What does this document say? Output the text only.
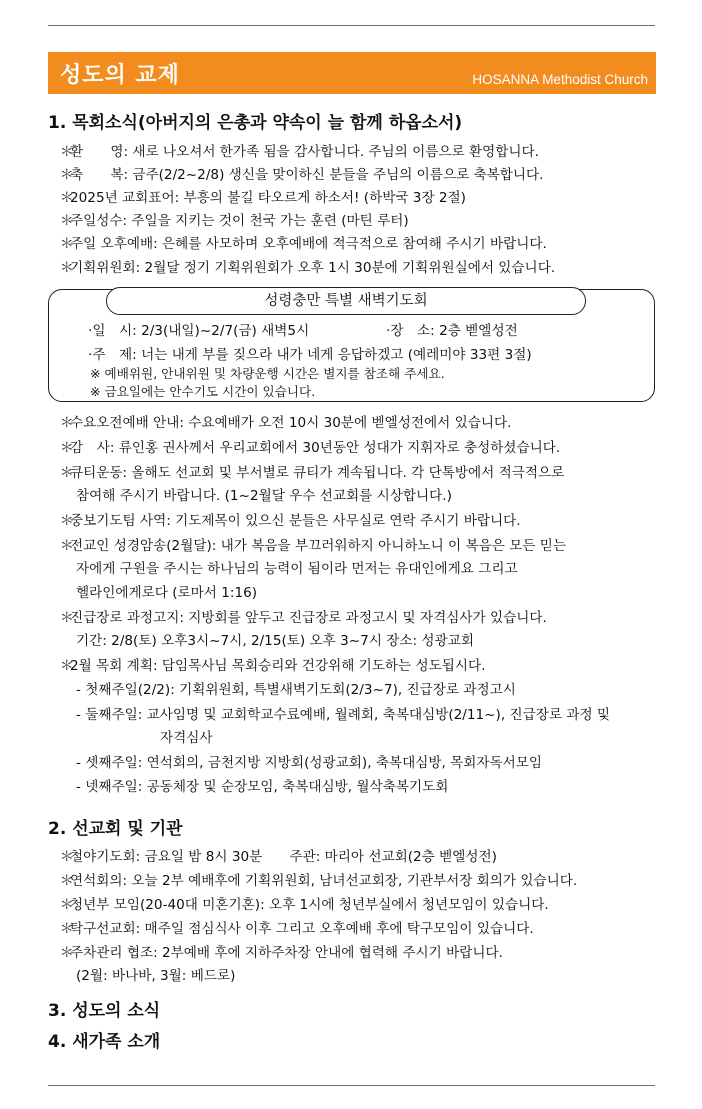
성도의 교제	HOSANNA Methodist Church
1. 목회소식(아버지의 은총과 약속이 늘 함께 하옵소서)
＊환　　영: 새로 나오셔서 한가족 됨을 감사합니다. 주님의 이름으로 환영합니다.
＊축　　복: 금주(2/2~2/8) 생신을 맞이하신 분들을 주님의 이름으로 축복합니다.
＊2025년 교회표어: 부흥의 불길 타오르게 하소서! (하박국 3장 2절)
＊주일성수: 주일을 지키는 것이 천국 가는 훈련 (마틴 루터)
＊주일 오후예배: 은혜를 사모하며 오후예배에 적극적으로 참여해 주시기 바랍니다.
＊기획위원회: 2월달 정기 기획위원회가 오후 1시 30분에 기획위원실에서 있습니다.
성령충만 특별 새벽기도회
·일　시: 2/3(내일)~2/7(금) 새벽5시	·장　소: 2층 벧엘성전
·주　제: 너는 내게 부를 짖으라 내가 네게 응답하겠고 (예레미야 33편 3절)
※ 예배위원, 안내위원 및 차량운행 시간은 별지를 참조해 주세요.
※ 금요일에는 안수기도 시간이 있습니다.
＊수요오전예배 안내: 수요예배가 오전 10시 30분에 벧엘성전에서 있습니다.
＊감　사: 류인홍 권사께서 우리교회에서 30년동안 성대가 지휘자로 충성하셨습니다.
＊큐티운동: 올해도 선교회 및 부서별로 큐티가 계속됩니다. 각 단톡방에서 적극적으로
참여해 주시기 바랍니다. (1~2월달 우수 선교회를 시상합니다.)
＊중보기도팀 사역: 기도제목이 있으신 분들은 사무실로 연락 주시기 바랍니다.
＊전교인 성경암송(2월달): 내가 복음을 부끄러워하지 아니하노니 이 복음은 모든 믿는
자에게 구원을 주시는 하나님의 능력이 됨이라 먼저는 유대인에게요 그리고
헬라인에게로다 (로마서 1:16)
＊진급장로 과정고지: 지방회를 앞두고 진급장로 과정고시 및 자격심사가 있습니다.
기간: 2/8(토) 오후3시~7시, 2/15(토) 오후 3~7시 장소: 성광교회
＊2월 목회 계획: 담임목사님 목회승리와 건강위해 기도하는 성도됩시다.
- 첫째주일(2/2): 기획위원회, 특별새벽기도회(2/3~7), 진급장로 과정고시
- 둘째주일: 교사임명 및 교회학교수료예배, 월례회, 축복대심방(2/11~), 진급장로 과정 및
자격심사
- 셋째주일: 연석회의, 금천지방 지방회(성광교회), 축복대심방, 목회자독서모임
- 넷째주일: 공동체장 및 순장모임, 축복대심방, 월삭축복기도회
2. 선교회 및 기관
＊철야기도회: 금요일 밤 8시 30분　　주관: 마리아 선교회(2층 벧엘성전)
＊연석회의: 오늘 2부 예배후에 기획위원회, 남녀선교회장, 기관부서장 회의가 있습니다.
＊청년부 모임(20-40대 미혼기혼): 오후 1시에 청년부실에서 청년모임이 있습니다.
＊탁구선교회: 매주일 점심식사 이후 그리고 오후예배 후에 탁구모임이 있습니다.
＊주차관리 협조: 2부예배 후에 지하주차장 안내에 협력해 주시기 바랍니다.
(2월: 바나바, 3월: 베드로)
3. 성도의 소식
4. 새가족 소개
